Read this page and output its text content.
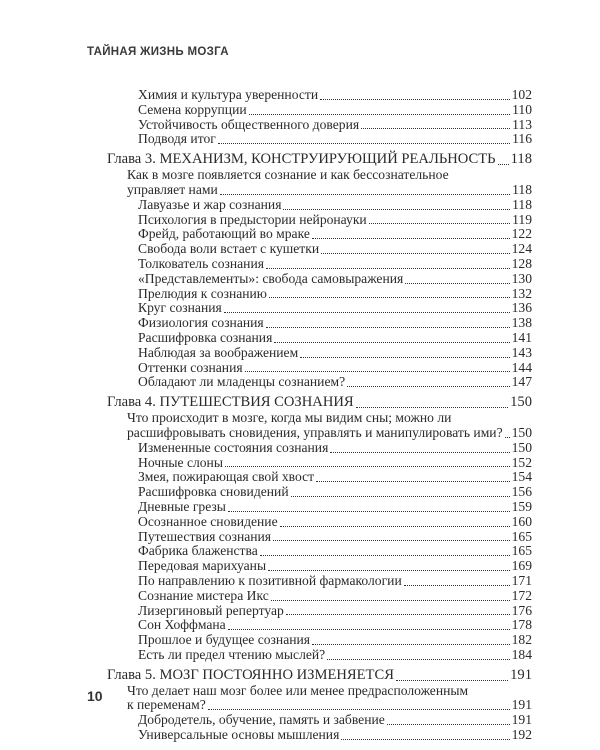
ТАЙНАЯ ЖИЗНЬ МОЗГА
Химия и культура уверенности	102
Семена коррупции	110
Устойчивость общественного доверия	113
Подводя итог	116
Глава 3. МЕХАНИЗМ, КОНСТРУИРУЮЩИЙ РЕАЛЬНОСТЬ 118
Как в мозге появляется сознание и как бессознательное
управляет нами	118
Лавуазье и жар сознания	118
Психология в предыстории нейронауки	119
Фрейд, работающий во мраке	122
Свобода воли встает с кушетки	124
Толкователь сознания	128
«Представлементы»: свобода самовыражения	130
Прелюдия к сознанию	132
Круг сознания	136
Физиология сознания	138
Расшифровка сознания	141
Наблюдая за воображением	143
Оттенки сознания	144
Обладают ли младенцы сознанием?	147
Глава 4. ПУТЕШЕСТВИЯ СОЗНАНИЯ	150
Что происходит в мозге, когда мы видим сны; можно ли
расшифровывать сновидения, управлять и манипулировать ими? 150
Измененные состояния сознания	150
Ночные слоны	152
Змея, пожирающая свой хвост	154
Расшифровка сновидений	156
Дневные грезы	159
Осознанное сновидение	160
Путешествия сознания	165
Фабрика блаженства	165
Передовая марихуаны	169
По направлению к позитивной фармакологии	171
Сознание мистера Икс	172
Лизергиновый репертуар	176
Сон Хоффмана	178
Прошлое и будущее сознания	182
Есть ли предел чтению мыслей?	184
Глава 5. МОЗГ ПОСТОЯННО ИЗМЕНЯЕТСЯ	191
Что делает наш мозг более или менее предрасположенным
к переменам?	191
Добродетель, обучение, память и забвение	191
Универсальные основы мышления	192
10
